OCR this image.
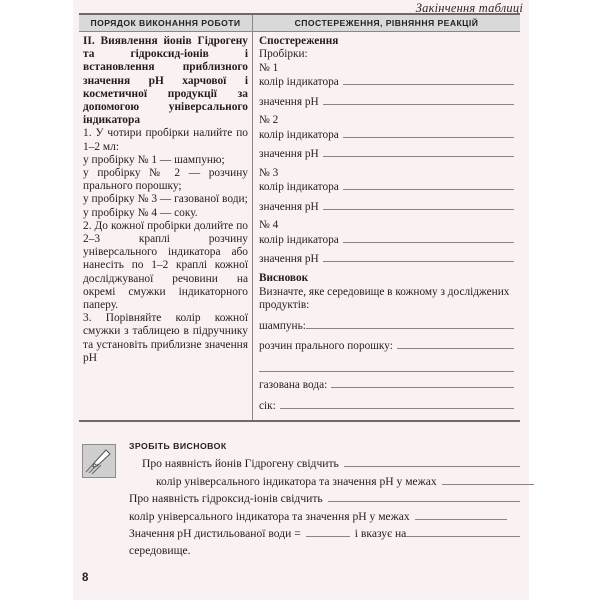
Закінчення таблиці
ПОРЯДОК ВИКОНАННЯ РОБОТИ	СПОСТЕРЕЖЕННЯ, РІВНЯННЯ РЕАКЦІЙ

ІІ. Виявлення йонів Гідрогену та гідроксид-іонів і встановлення приблизного значення рН харчової і косметичної продукції за допомогою універсального індикатора

1. У чотири пробірки налийте по 1–2 мл:

у пробірку № 1 — шампуню;

у пробірку № 2 — розчину прального порошку;

у пробірку № 3 — газованої води;

у пробірку № 4 — соку.

2. До кожної пробірки долийте по 2–3 краплі розчину універсального індикатора або нанесіть по 1–2 краплі кожної досліджуваної речовини на окремі смужки індикаторного паперу.

3. Порівняйте колір кожної смужки з таблицею в підручнику та установіть приблизне значення рН

Спостереження

Пробірки:

№ 1

колір індикатора
значення рН

№ 2

колір індикатора
значення рН

№ 3

колір індикатора
значення рН

№ 4

колір індикатора
значення рН

Висновок

Визначте, яке середовище в кожному з досліджених продуктів:

шампунь:
розчин прального порошку:
газована вода:
сік:
ЗРОБІТЬ ВИСНОВОК
Про наявність йонів Гідрогену свідчить
колір універсального індикатора та значення рН у межах
Про наявність гідроксид-іонів свідчить
колір універсального індикатора та значення рН у межах
Значення рН дистильованої води =	і вказує на

середовище.

8
